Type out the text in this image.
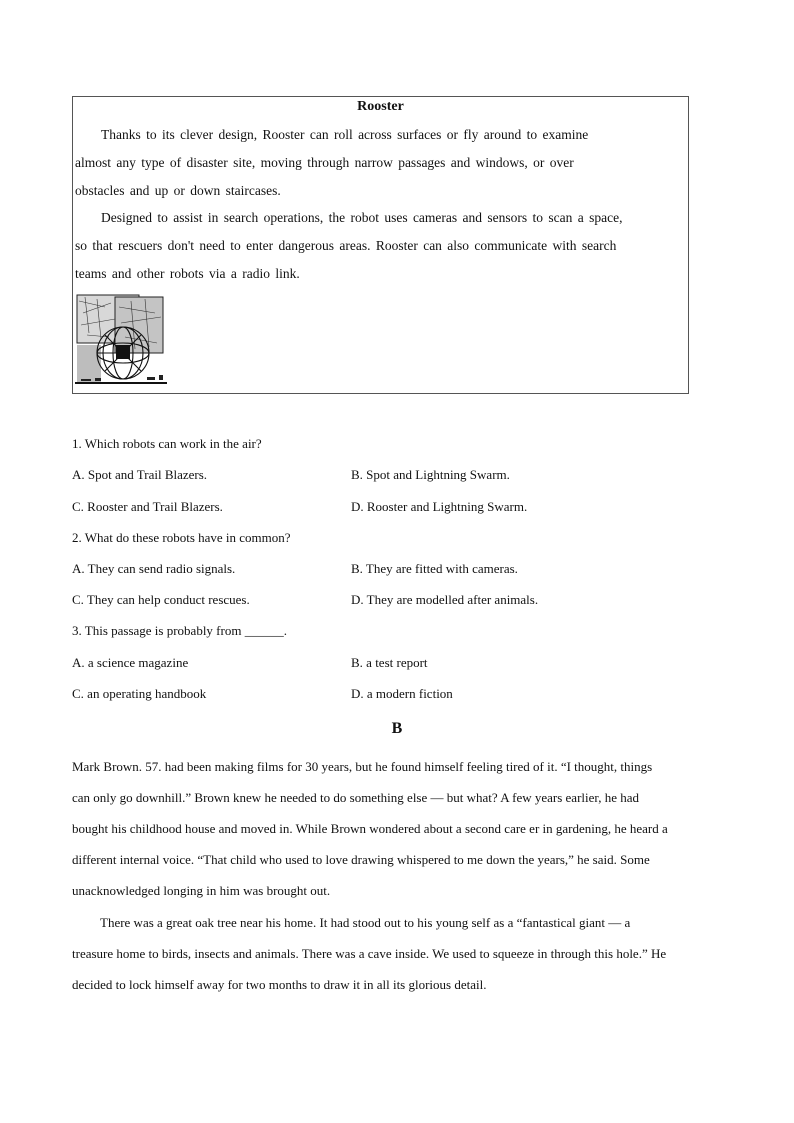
Rooster
Thanks to its clever design, Rooster can roll across surfaces or fly around to examine
almost any type of disaster site, moving through narrow passages and windows, or over
obstacles and up or down staircases.
Designed to assist in search operations, the robot uses cameras and sensors to scan a space,
so that rescuers don't need to enter dangerous areas. Rooster can also communicate with search
teams and other robots via a radio link.
1. Which robots can work in the air?
A. Spot and Trail Blazers.	B. Spot and Lightning Swarm.
C. Rooster and Trail Blazers.	D. Rooster and Lightning Swarm.
2. What do these robots have in common?
A. They can send radio signals.	B. They are fitted with cameras.
C. They can help conduct rescues.	D. They are modelled after animals.
3. This passage is probably from ______.
A. a science magazine	B. a test report
C. an operating handbook	D. a modern fiction
B
Mark Brown. 57. had been making films for 30 years, but he found himself feeling tired of it. “I thought, things
can only go downhill.” Brown knew he needed to do something else — but what? A few years earlier, he had
bought his childhood house and moved in. While Brown wondered about a second care er in gardening, he heard a
different internal voice. “That child who used to love drawing whispered to me down the years,” he said. Some
unacknowledged longing in him was brought out.
There was a great oak tree near his home. It had stood out to his young self as a “fantastical giant — a
treasure home to birds, insects and animals. There was a cave inside. We used to squeeze in through this hole.” He
decided to lock himself away for two months to draw it in all its glorious detail.
